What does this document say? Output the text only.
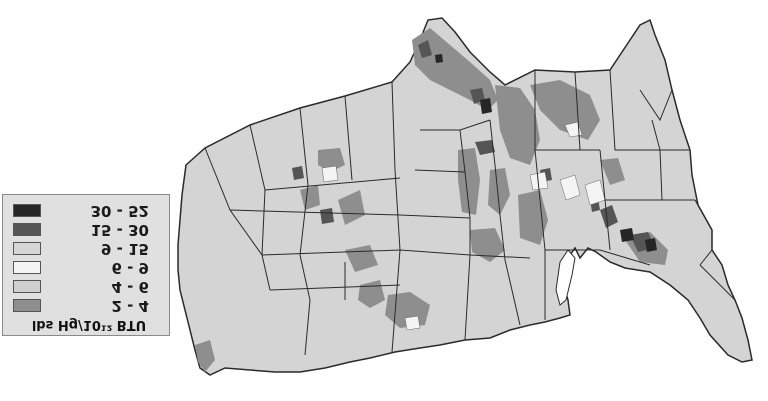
30 - 52
15 - 30
9 - 15
6 - 9
4 - 6
2 - 4
lbs Hg/10¹² BTU
